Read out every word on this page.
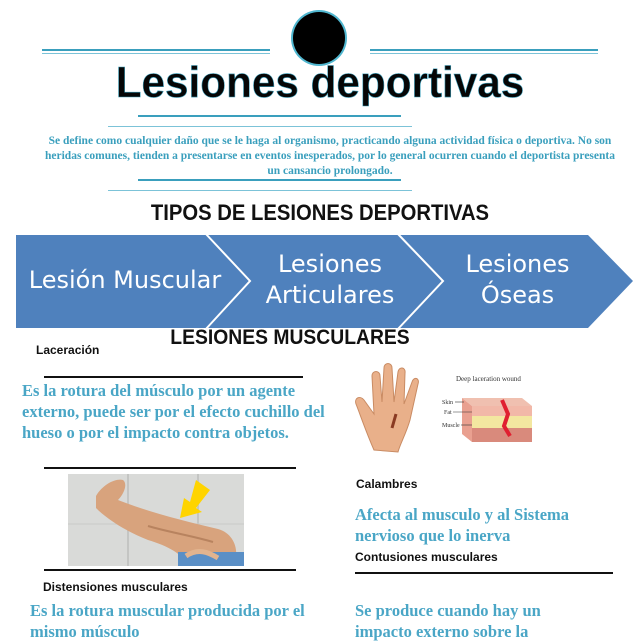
Lesiones deportivas
Se define como cualquier daño que se le haga al organismo, practicando alguna actividad física o deportiva. No son heridas comunes, tienden a presentarse en eventos inesperados, por lo general ocurren cuando el deportista presenta un cansancio prolongado.
TIPOS DE LESIONES DEPORTIVAS
Lesión Muscular
Lesiones
Articulares
Lesiones
Óseas
LESIONES MUSCULARES
Laceración
Es la rotura del músculo por un agente externo, puede ser por el efecto cuchillo del hueso o por el impacto contra objetos.
Distensiones musculares
Es la rotura muscular producida por el mismo músculo
Deep laceration wound
Skin
Fat
Muscle
Calambres
Afecta al musculo y al Sistema nervioso que lo inerva
Contusiones musculares
Se produce cuando hay un impacto externo sobre la
